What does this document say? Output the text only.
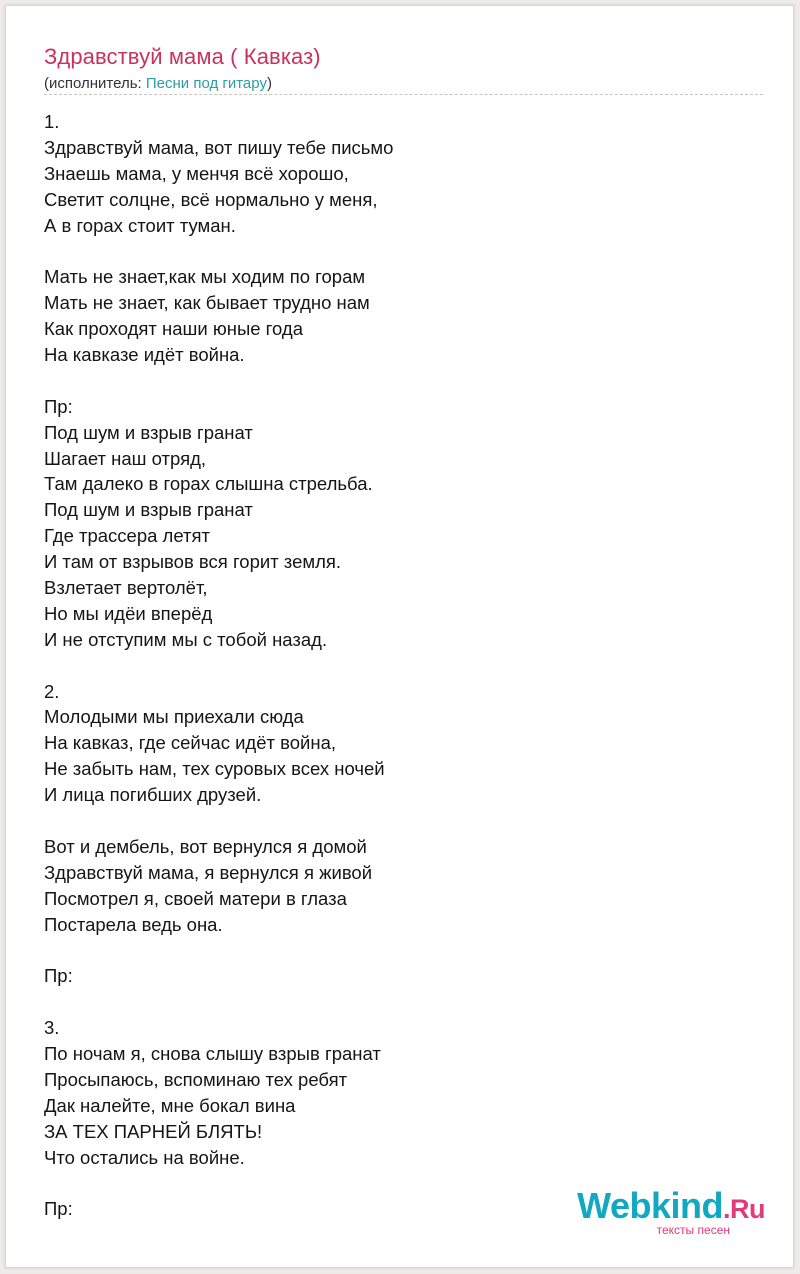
Здравствуй мама ( Кавказ)
(исполнитель: Песни под гитару)
1.
Здравствуй мама, вот пишу тебе письмо
Знаешь мама, у менчя всё хорошо,
Светит солцне, всё нормально у меня,
А в горах стоит туман.
Мать не знает,как мы ходим по горам
Мать не знает, как бывает трудно нам
Как проходят наши юные года
На кавказе идёт война.
Пр:
Под шум и взрыв гранат
Шагает наш отряд,
Там далеко в горах слышна стрельба.
Под шум и взрыв гранат
Где трассера летят
И там от взрывов вся горит земля.
Взлетает вертолёт,
Но мы идёи вперёд
И не отступим мы с тобой назад.
2.
Молодыми мы приехали сюда
На кавказ, где сейчас идёт война,
Не забыть нам, тех суровых всех ночей
И лица погибших друзей.
Вот и дембель, вот вернулся я домой
Здравствуй мама, я вернулся я живой
Посмотрел я, своей матери в глаза
Постарела ведь она.
Пр:
3.
По ночам я, снова слышу взрыв гранат
Просыпаюсь, вспоминаю тех ребят
Дак налейте, мне бокал вина
ЗА ТЕХ ПАРНЕЙ БЛЯТЬ!
Что остались на войне.
Пр:	Webkind.Ru
тексты песен
